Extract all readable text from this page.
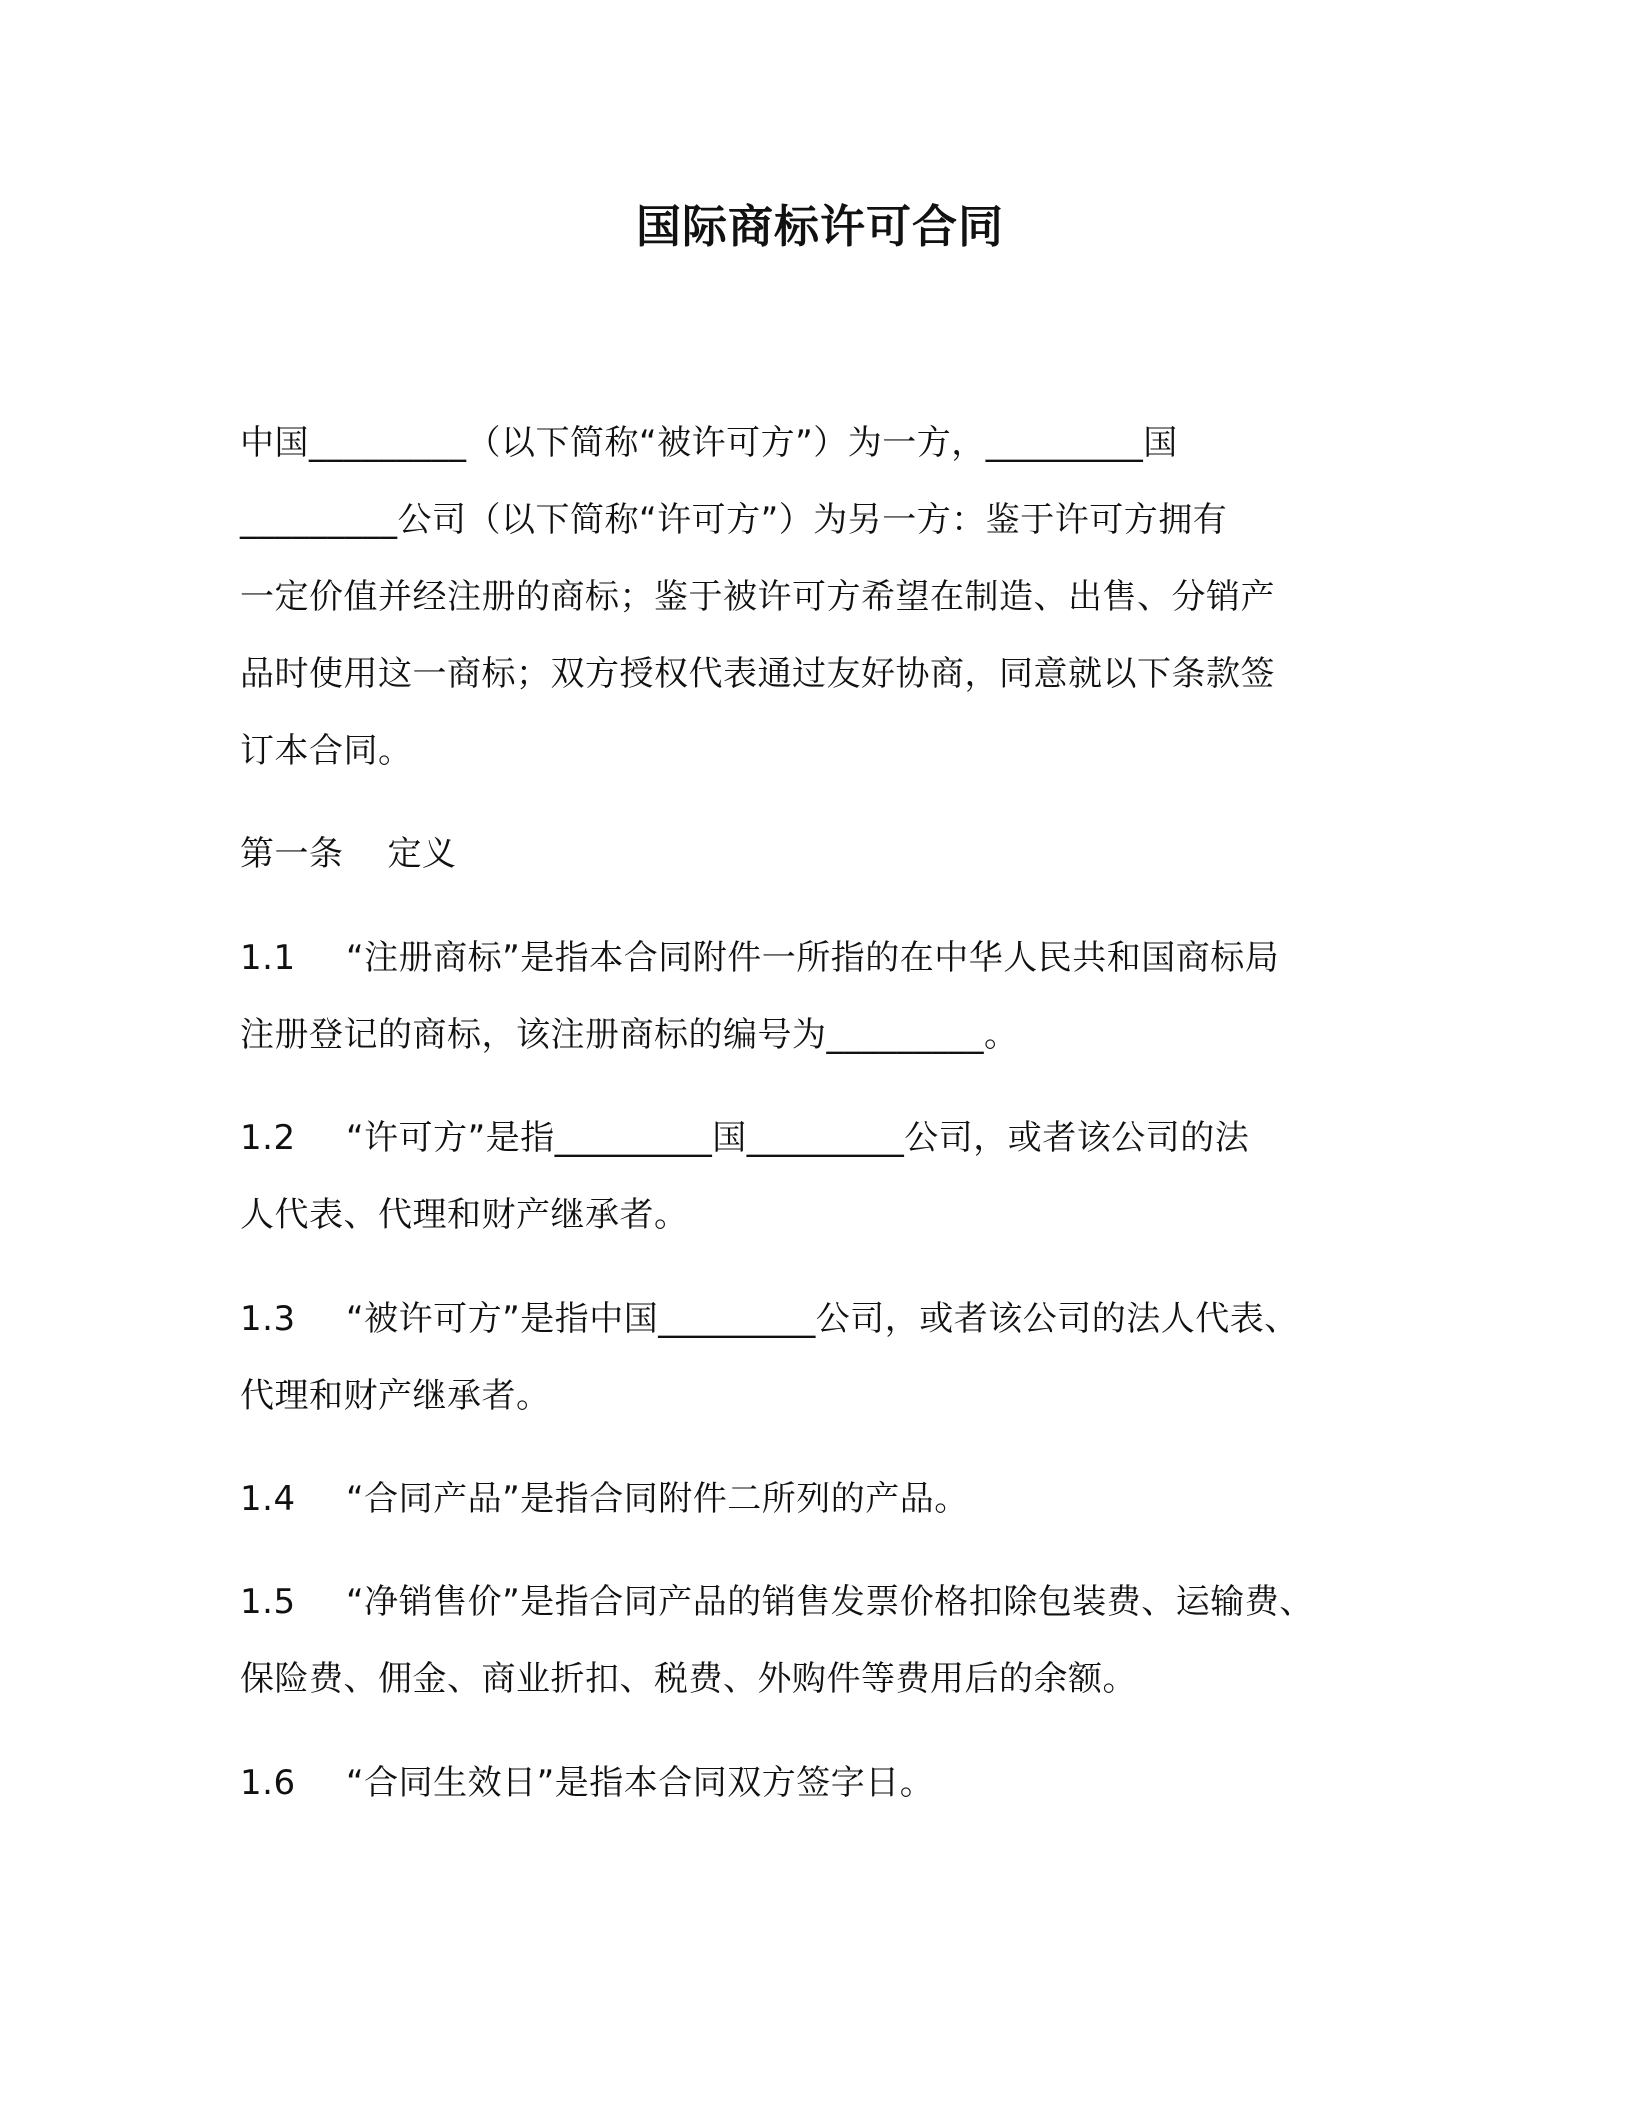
国际商标许可合同
中国_________（以下简称“被许可方”）为一方，_________国
_________公司（以下简称“许可方”）为另一方：鉴于许可方拥有
一定价值并经注册的商标；鉴于被许可方希望在制造、出售、分销产
品时使用这一商标；双方授权代表通过友好协商，同意就以下条款签
订本合同。
第一条 定义
1.1 “注册商标”是指本合同附件一所指的在中华人民共和国商标局
注册登记的商标，该注册商标的编号为_________。
1.2 “许可方”是指_________国_________公司，或者该公司的法
人代表、代理和财产继承者。
1.3 “被许可方”是指中国_________公司，或者该公司的法人代表、
代理和财产继承者。
1.4 “合同产品”是指合同附件二所列的产品。
1.5 “净销售价”是指合同产品的销售发票价格扣除包装费、运输费、
保险费、佣金、商业折扣、税费、外购件等费用后的余额。
1.6 “合同生效日”是指本合同双方签字日。
